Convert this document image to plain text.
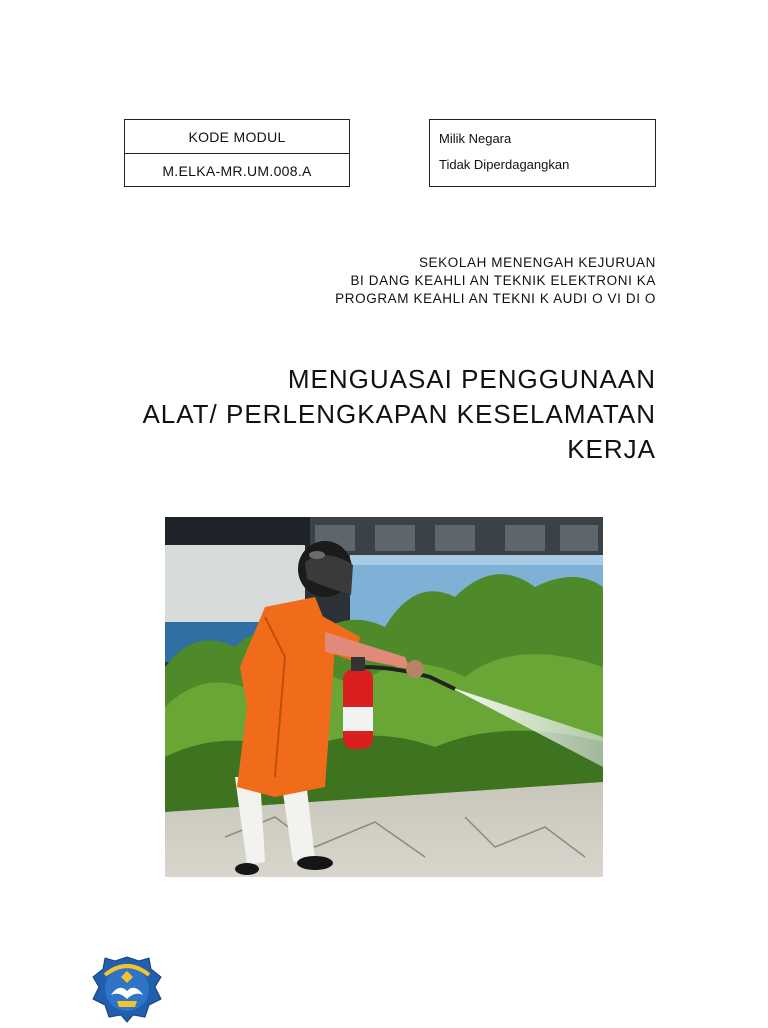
KODE MODUL
M.ELKA-MR.UM.008.A
Milik Negara
Tidak Diperdagangkan
SEKOLAH MENENGAH KEJURUAN
BI DANG KEAHLI AN TEKNIK ELEKTRONI KA
PROGRAM KEAHLI AN TEKNI K AUDI O VI DI O
MENGUASAI PENGGUNAAN
ALAT/ PERLENGKAPAN KESELAMATAN
KERJA
